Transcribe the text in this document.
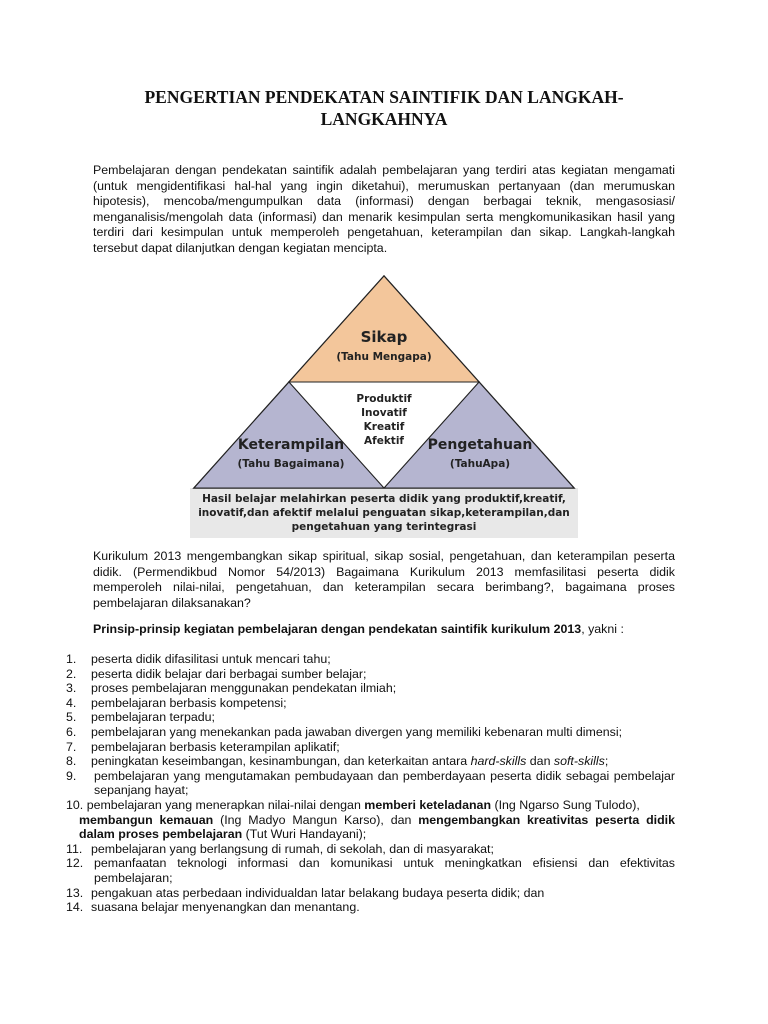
PENGERTIAN PENDEKATAN SAINTIFIK DAN LANGKAH-LANGKAHNYA
Pembelajaran dengan pendekatan saintifik adalah pembelajaran yang terdiri atas kegiatan mengamati (untuk mengidentifikasi hal-hal yang ingin diketahui), merumuskan pertanyaan (dan merumuskan hipotesis), mencoba/mengumpulkan data (informasi) dengan berbagai teknik, mengasosiasi/ menganalisis/mengolah data (informasi) dan menarik kesimpulan serta mengkomunikasikan hasil yang terdiri dari kesimpulan untuk memperoleh pengetahuan, keterampilan dan sikap. Langkah-langkah tersebut dapat dilanjutkan dengan kegiatan mencipta.
Sikap
(Tahu Mengapa)
Keterampilan
(Tahu Bagaimana)
Pengetahuan
(TahuApa)
Produktif
Inovatif
Kreatif
Afektif
Hasil belajar melahirkan peserta didik yang produktif,kreatif,
inovatif,dan afektif melalui penguatan sikap,keterampilan,dan
pengetahuan yang terintegrasi
Kurikulum 2013 mengembangkan sikap spiritual, sikap sosial, pengetahuan, dan keterampilan peserta didik. (Permendikbud Nomor 54/2013) Bagaimana Kurikulum 2013 memfasilitasi peserta didik memperoleh nilai-nilai, pengetahuan, dan keterampilan secara berimbang?, bagaimana proses pembelajaran dilaksanakan?
Prinsip-prinsip kegiatan pembelajaran dengan pendekatan saintifik kurikulum 2013, yakni :
1. peserta didik difasilitasi untuk mencari tahu;
2. peserta didik belajar dari berbagai sumber belajar;
3. proses pembelajaran menggunakan pendekatan ilmiah;
4. pembelajaran berbasis kompetensi;
5. pembelajaran terpadu;
6. pembelajaran yang menekankan pada jawaban divergen yang memiliki kebenaran multi dimensi;
7. pembelajaran berbasis keterampilan aplikatif;
8. peningkatan keseimbangan, kesinambungan, dan keterkaitan antara hard-skills dan soft-skills;
9. pembelajaran yang mengutamakan pembudayaan dan pemberdayaan peserta didik sebagai pembelajar sepanjang hayat;
10. pembelajaran yang menerapkan nilai-nilai dengan memberi keteladanan (Ing Ngarso Sung Tulodo),
membangun kemauan (Ing Madyo Mangun Karso), dan mengembangkan kreativitas peserta didik dalam proses pembelajaran (Tut Wuri Handayani);
11. pembelajaran yang berlangsung di rumah, di sekolah, dan di masyarakat;
12. pemanfaatan teknologi informasi dan komunikasi untuk meningkatkan efisiensi dan efektivitas pembelajaran;
13. pengakuan atas perbedaan individualdan latar belakang budaya peserta didik; dan
14. suasana belajar menyenangkan dan menantang.
